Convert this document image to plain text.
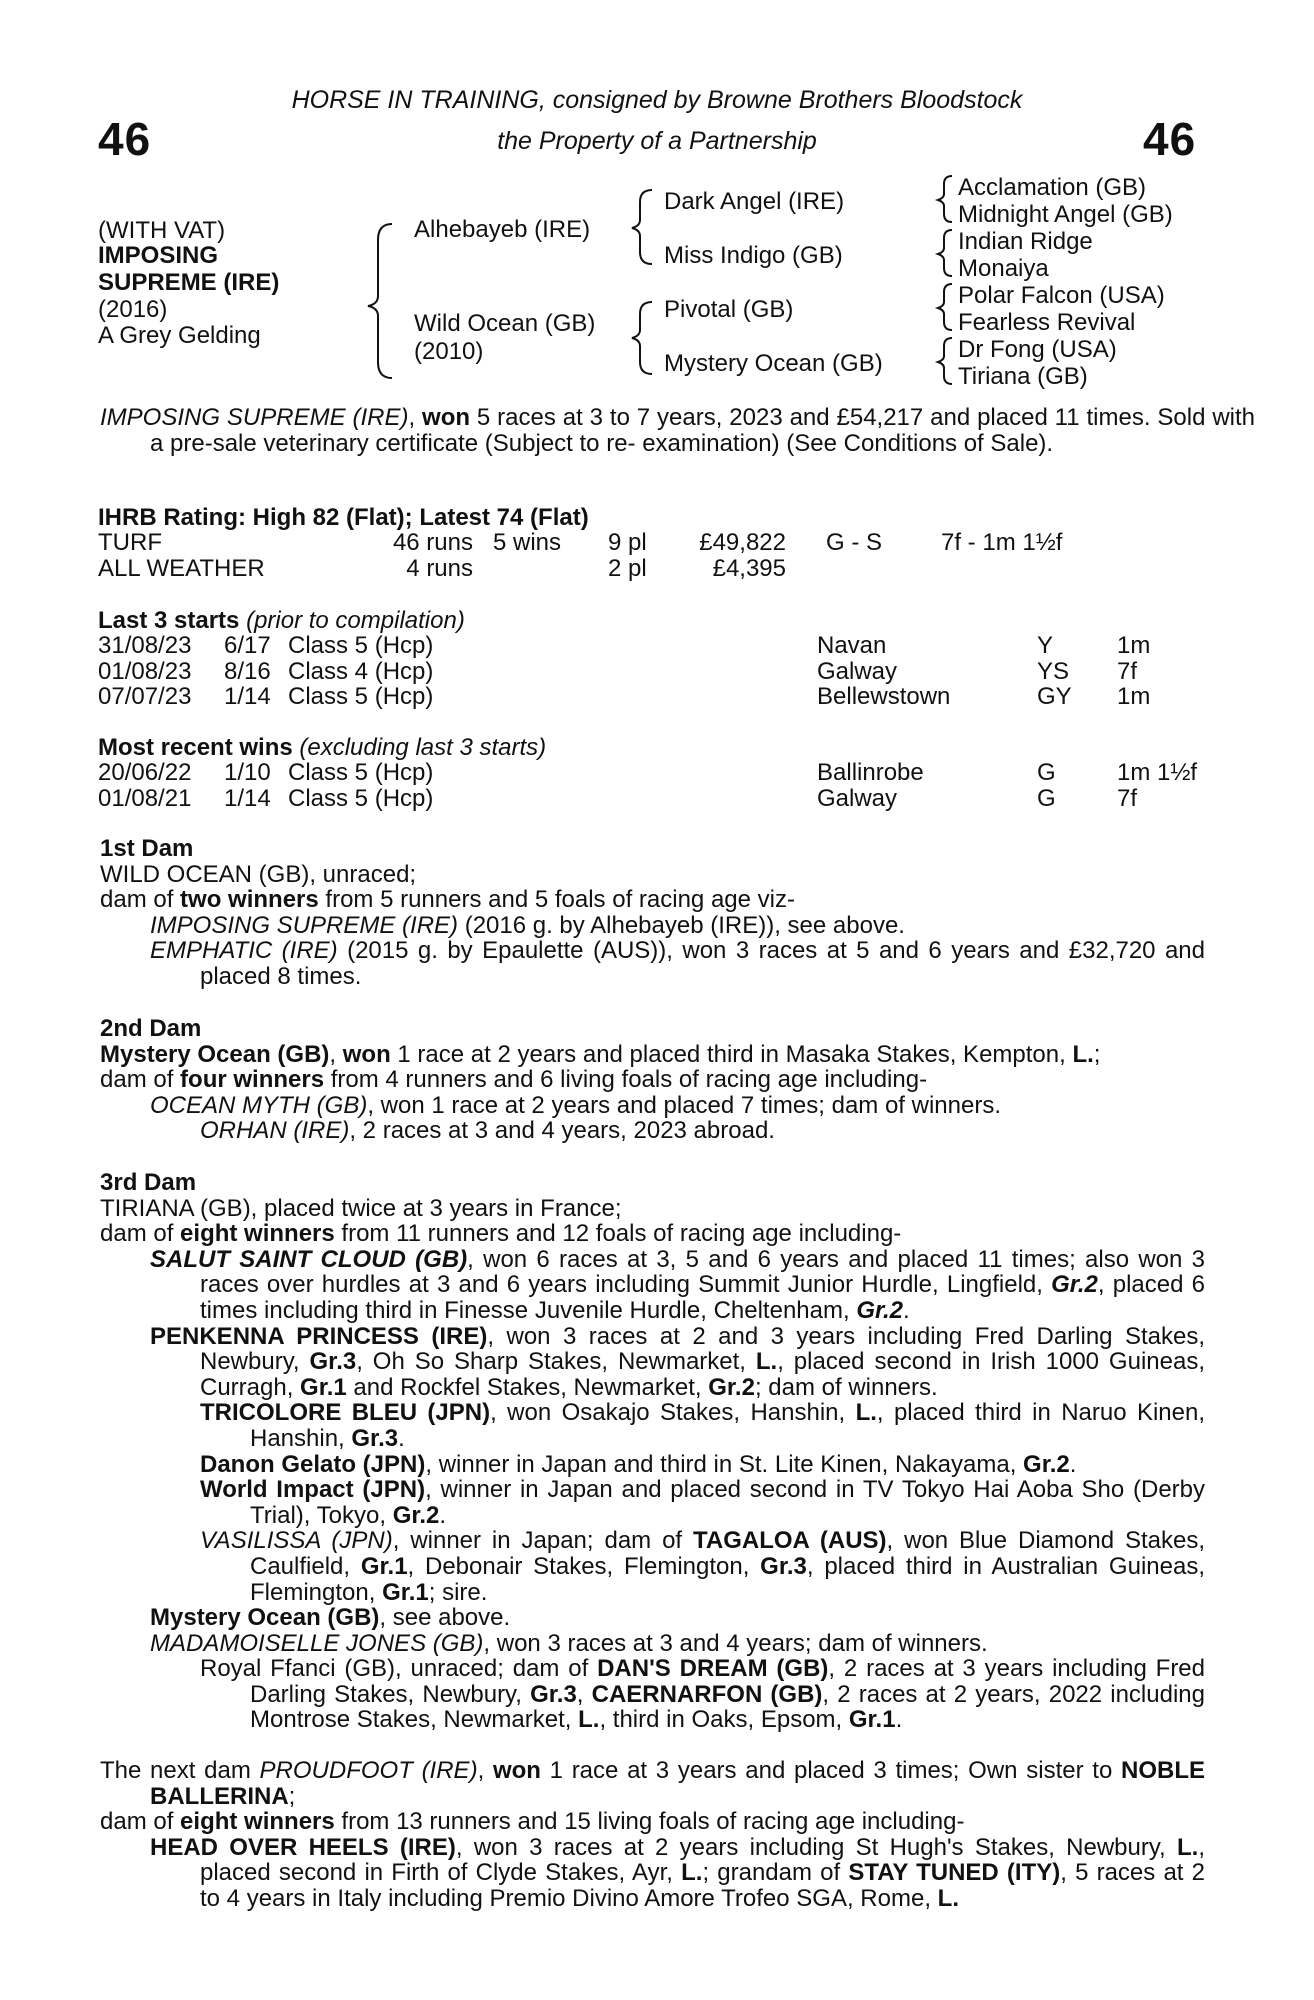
46	46
HORSE IN TRAINING, consigned by Browne Brothers Bloodstock
the Property of a Partnership
(WITH VAT)
IMPOSING
SUPREME (IRE)
(2016)
A Grey Gelding
Alhebayeb (IRE)
Wild Ocean (GB)
(2010)
Dark Angel (IRE)
Miss Indigo (GB)
Pivotal (GB)
Mystery Ocean (GB)
Acclamation (GB)
Midnight Angel (GB)
Indian Ridge
Monaiya
Polar Falcon (USA)
Fearless Revival
Dr Fong (USA)
Tiriana (GB)
IMPOSING SUPREME (IRE), won 5 races at 3 to 7 years, 2023 and £54,217 and placed 11 times. Sold with a pre-sale veterinary certificate (Subject to re- examination) (See Conditions of Sale).
IHRB Rating: High 82 (Flat); Latest 74 (Flat)
TURF	46 runs	5 wins	9 pl	£49,822	G - S	7f - 1m 1½f
ALL WEATHER	4 runs		2 pl	£4,395		
Last 3 starts (prior to compilation)
31/08/23	6/17	Class 5 (Hcp)	Navan	Y	1m
01/08/23	8/16	Class 4 (Hcp)	Galway	YS	7f
07/07/23	1/14	Class 5 (Hcp)	Bellewstown	GY	1m
Most recent wins (excluding last 3 starts)
20/06/22	1/10	Class 5 (Hcp)	Ballinrobe	G	1m 1½f
01/08/21	1/14	Class 5 (Hcp)	Galway	G	7f

1st Dam

WILD OCEAN (GB), unraced;

dam of two winners from 5 runners and 5 foals of racing age viz-

IMPOSING SUPREME (IRE) (2016 g. by Alhebayeb (IRE)), see above.

EMPHATIC (IRE) (2015 g. by Epaulette (AUS)), won 3 races at 5 and 6 years and £32,720 and placed 8 times.

2nd Dam

Mystery Ocean (GB), won 1 race at 2 years and placed third in Masaka Stakes, Kempton, L.;

dam of four winners from 4 runners and 6 living foals of racing age including-

OCEAN MYTH (GB), won 1 race at 2 years and placed 7 times; dam of winners.

ORHAN (IRE), 2 races at 3 and 4 years, 2023 abroad.

3rd Dam

TIRIANA (GB), placed twice at 3 years in France;

dam of eight winners from 11 runners and 12 foals of racing age including-

SALUT SAINT CLOUD (GB), won 6 races at 3, 5 and 6 years and placed 11 times; also won 3 races over hurdles at 3 and 6 years including Summit Junior Hurdle, Lingfield, Gr.2, placed 6 times including third in Finesse Juvenile Hurdle, Cheltenham, Gr.2.

PENKENNA PRINCESS (IRE), won 3 races at 2 and 3 years including Fred Darling Stakes, Newbury, Gr.3, Oh So Sharp Stakes, Newmarket, L., placed second in Irish 1000 Guineas, Curragh, Gr.1 and Rockfel Stakes, Newmarket, Gr.2; dam of winners.

TRICOLORE BLEU (JPN), won Osakajo Stakes, Hanshin, L., placed third in Naruo Kinen, Hanshin, Gr.3.

Danon Gelato (JPN), winner in Japan and third in St. Lite Kinen, Nakayama, Gr.2.

World Impact (JPN), winner in Japan and placed second in TV Tokyo Hai Aoba Sho (Derby Trial), Tokyo, Gr.2.

VASILISSA (JPN), winner in Japan; dam of TAGALOA (AUS), won Blue Diamond Stakes, Caulfield, Gr.1, Debonair Stakes, Flemington, Gr.3, placed third in Australian Guineas, Flemington, Gr.1; sire.

Mystery Ocean (GB), see above.

MADAMOISELLE JONES (GB), won 3 races at 3 and 4 years; dam of winners.

Royal Ffanci (GB), unraced; dam of DAN'S DREAM (GB), 2 races at 3 years including Fred Darling Stakes, Newbury, Gr.3, CAERNARFON (GB), 2 races at 2 years, 2022 including Montrose Stakes, Newmarket, L., third in Oaks, Epsom, Gr.1.

The next dam PROUDFOOT (IRE), won 1 race at 3 years and placed 3 times; Own sister to NOBLE BALLERINA;

dam of eight winners from 13 runners and 15 living foals of racing age including-

HEAD OVER HEELS (IRE), won 3 races at 2 years including St Hugh's Stakes, Newbury, L., placed second in Firth of Clyde Stakes, Ayr, L.; grandam of STAY TUNED (ITY), 5 races at 2 to 4 years in Italy including Premio Divino Amore Trofeo SGA, Rome, L.
